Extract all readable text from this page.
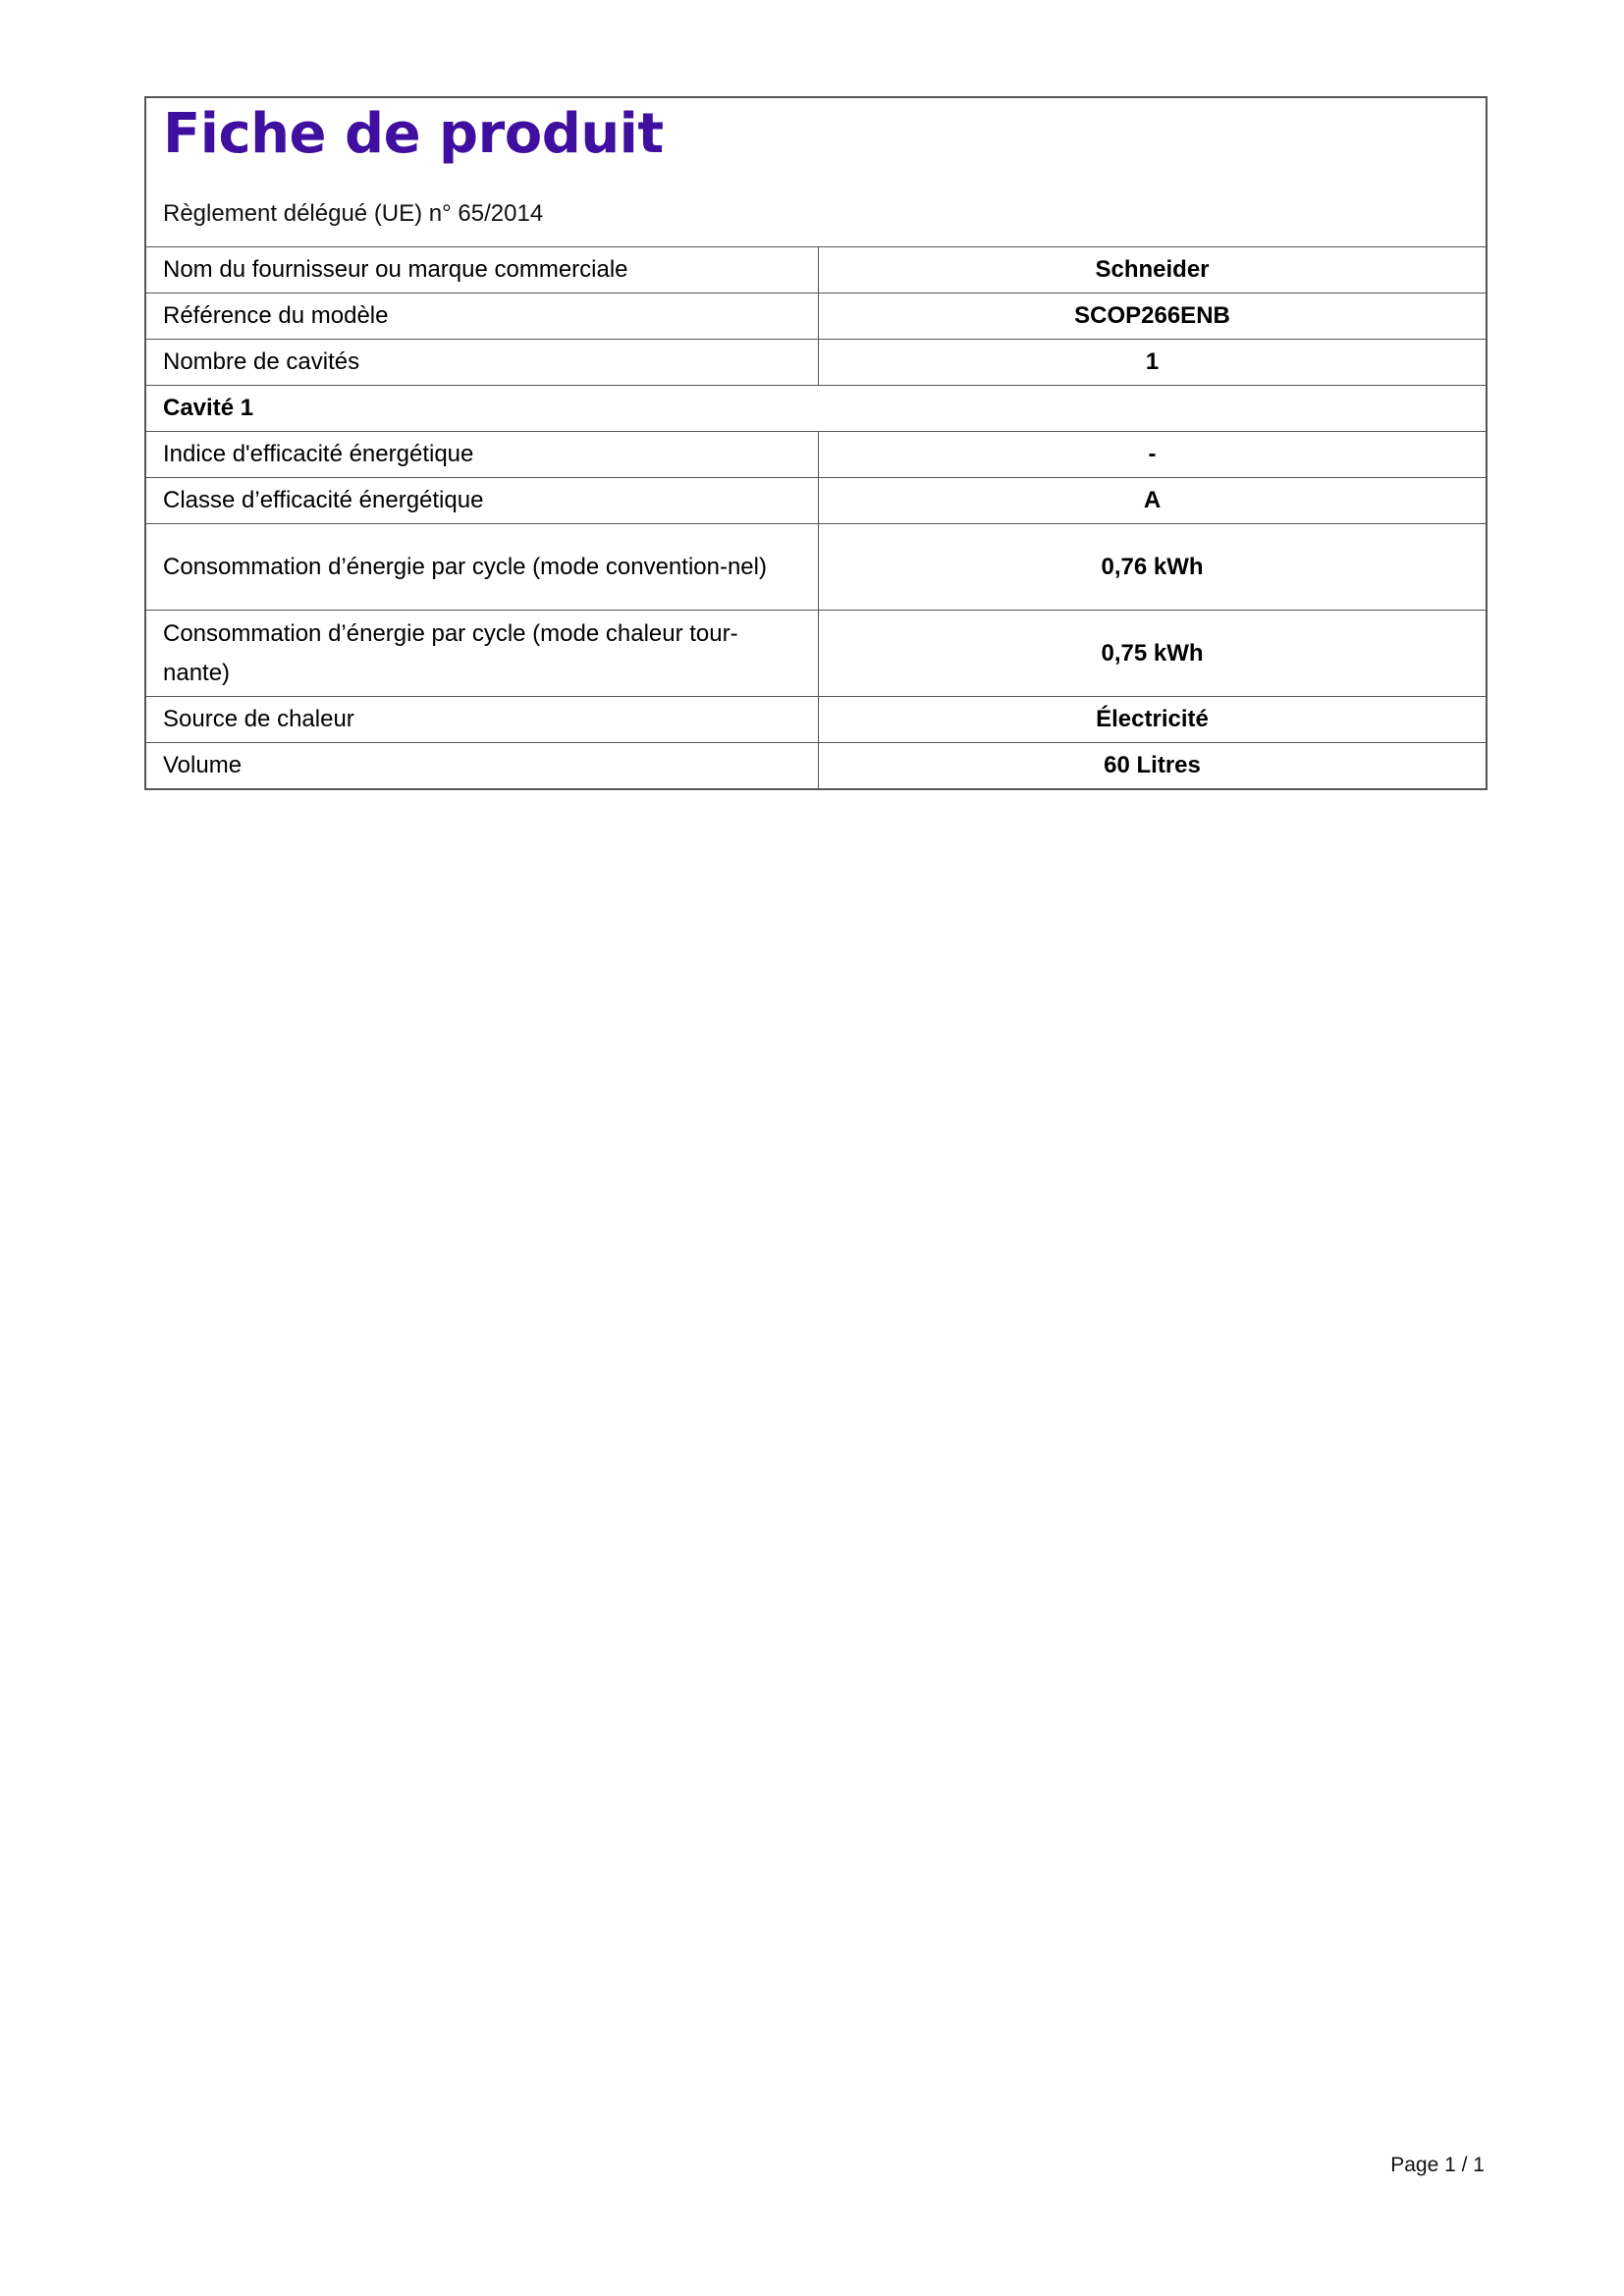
Fiche de produit
Règlement délégué (UE) n° 65/2014
Nom du fournisseur ou marque commerciale	Schneider
Référence du modèle	SCOP266ENB
Nombre de cavités	1
Cavité 1	
Indice d'efficacité énergétique	-
Classe d’efficacité énergétique	A
Consommation d’énergie par cycle (mode convention-nel)	0,76 kWh
Consommation d’énergie par cycle (mode chaleur tour-nante)	0,75 kWh
Source de chaleur	Électricité
Volume	60 Litres
Page 1 / 1
